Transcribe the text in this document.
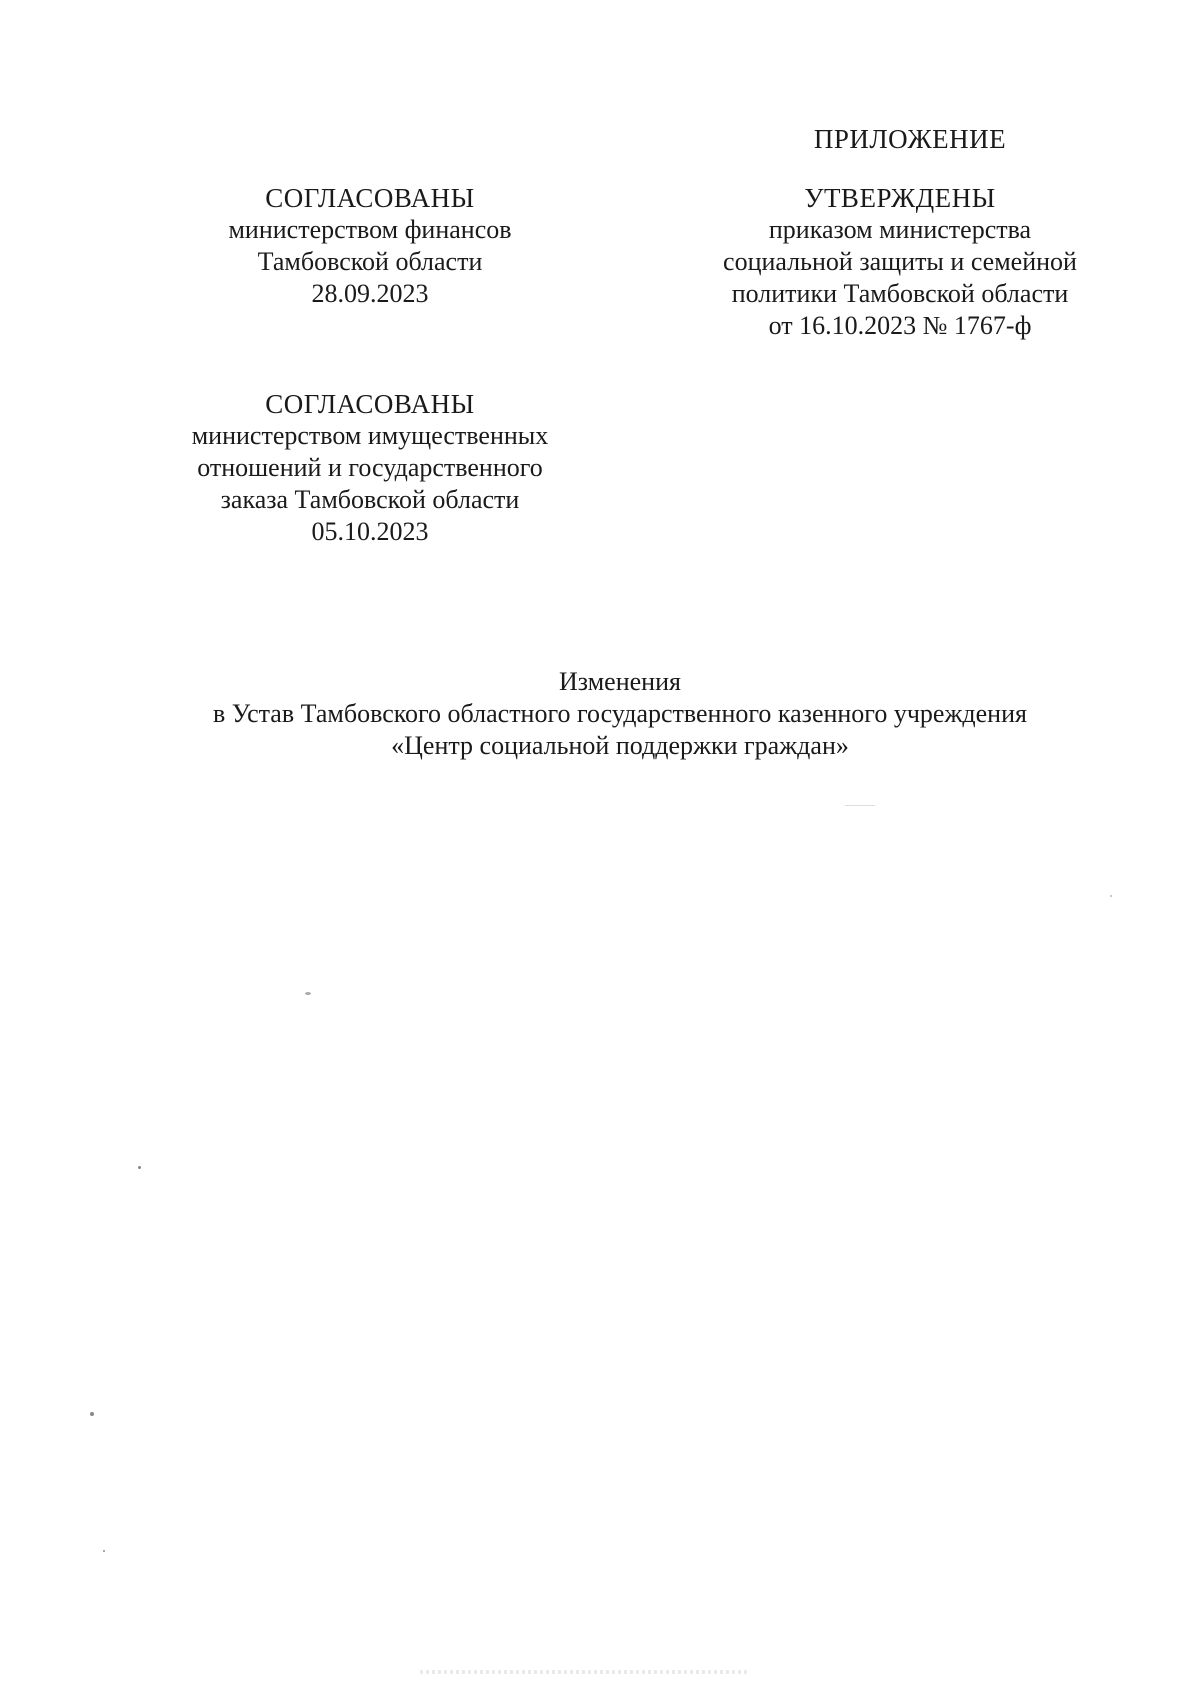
ПРИЛОЖЕНИЕ
УТВЕРЖДЕНЫ
приказом министерства
социальной защиты и семейной
политики Тамбовской области
от 16.10.2023 № 1767-ф
СОГЛАСОВАНЫ
министерством финансов
Тамбовской области
28.09.2023
СОГЛАСОВАНЫ
министерством имущественных
отношений и государственного
заказа Тамбовской области
05.10.2023
Изменения
в Устав Тамбовского областного государственного казенного учреждения
«Центр социальной поддержки граждан»
